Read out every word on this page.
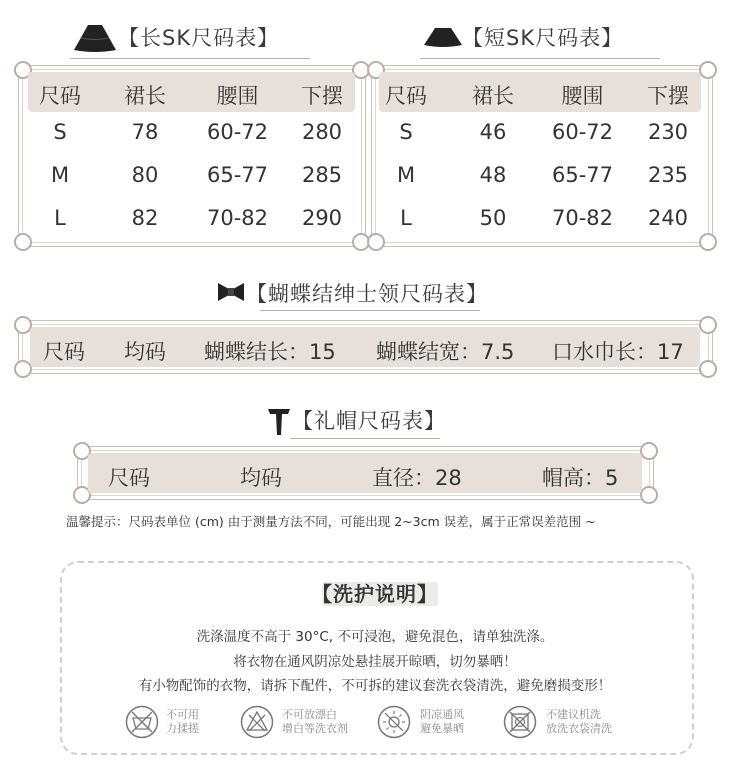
【长SK尺码表】
尺码	裙长	腰围	下摆
S	78	60-72	280
M	80	65-77	285
L	82	70-82	290
【短SK尺码表】
尺码	裙长	腰围	下摆
S	46	60-72	230
M	48	65-77	235
L	50	70-82	240
【蝴蝶结绅士领尺码表】
尺码 均码 蝴蝶结长：15 蝴蝶结宽：7.5 口水巾长：17
【礼帽尺码表】
尺码	均码	直径：28	帽高：5
温馨提示：尺码表单位 (cm) 由于测量方法不同，可能出现 2~3cm 误差，属于正常误差范围 ~
【洗护说明】
洗涤温度不高于 30°C, 不可浸泡，避免混色，请单独洗涤。
将衣物在通风阴凉处悬挂展开晾晒，切勿暴晒！
有小物配饰的衣物，请拆下配件，不可拆的建议套洗衣袋清洗，避免磨损变形！
不可用
力揉搓
不可放漂白
增白等洗衣剂
阴凉通风
避免暴晒
不建议机洗
放洗衣袋清洗
